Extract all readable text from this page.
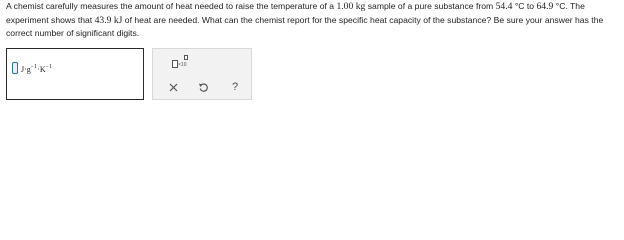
A chemist carefully measures the amount of heat needed to raise the temperature of a 1.00 kg sample of a pure substance from 54.4 °C to 64.9 °C. The experiment shows that 43.9 kJ of heat are needed. What can the chemist report for the specific heat capacity of the substance? Be sure your answer has the correct number of significant digits.
$J\cdot g^{-1}\cdot K^{-1}$	×10
?
